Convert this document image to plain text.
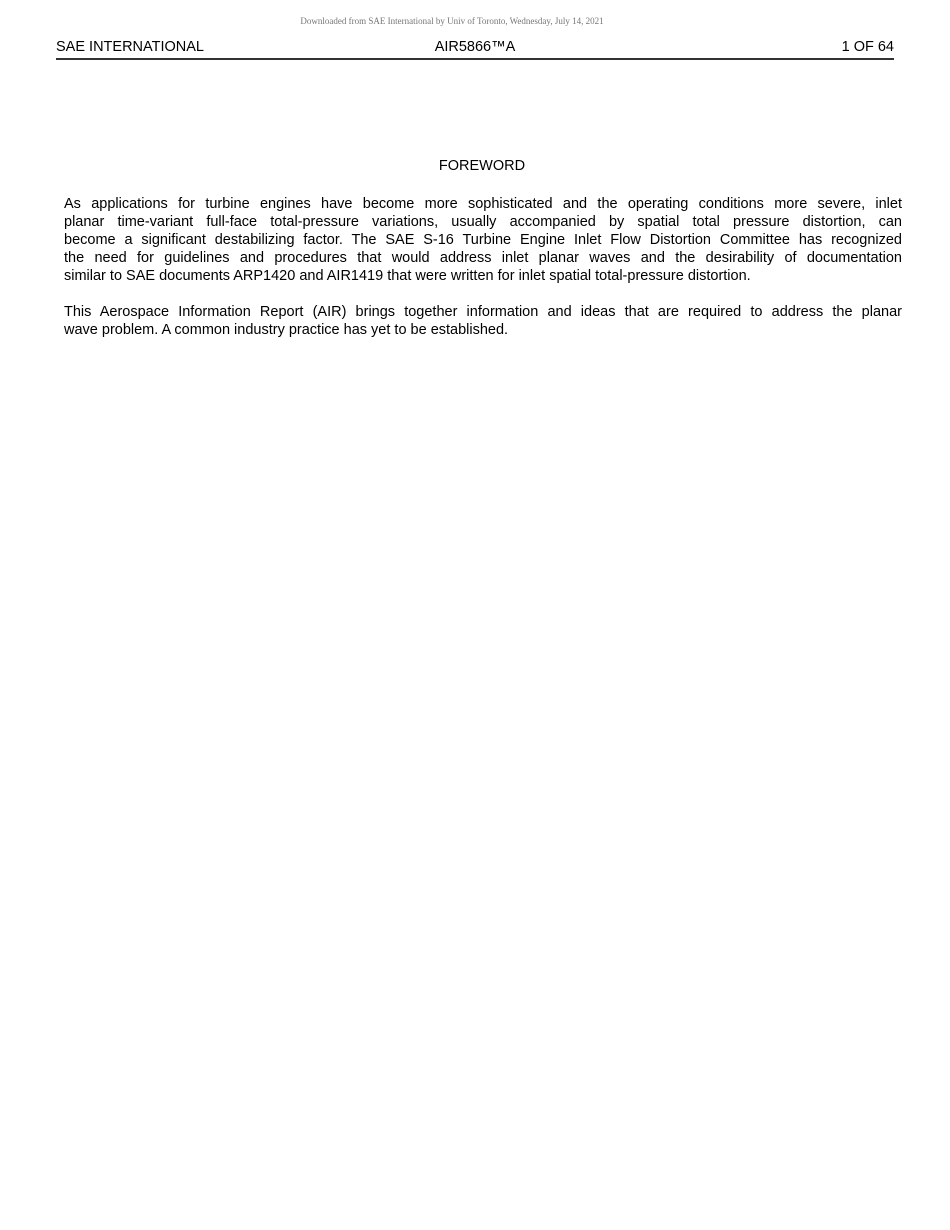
Downloaded from SAE International by Univ of Toronto, Wednesday, July 14, 2021
SAE INTERNATIONAL	AIR5866™A	1 OF 64
FOREWORD
As applications for turbine engines have become more sophisticated and the operating conditions more severe, inlet
planar time-variant full-face total-pressure variations, usually accompanied by spatial total pressure distortion, can
become a significant destabilizing factor. The SAE S-16 Turbine Engine Inlet Flow Distortion Committee has recognized
the need for guidelines and procedures that would address inlet planar waves and the desirability of documentation
similar to SAE documents ARP1420 and AIR1419 that were written for inlet spatial total-pressure distortion.
This Aerospace Information Report (AIR) brings together information and ideas that are required to address the planar
wave problem. A common industry practice has yet to be established.
